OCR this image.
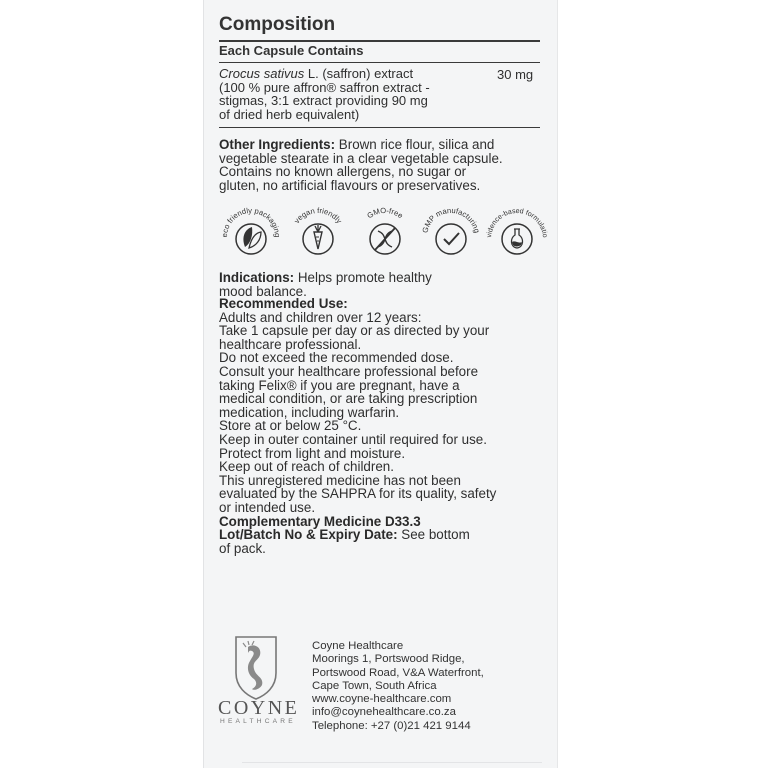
Composition
Each Capsule Contains
Crocus sativus L. (saffron) extract
(100 % pure affron® saffron extract -
stigmas, 3:1 extract providing 90 mg
of dried herb equivalent)
30 mg
Other Ingredients: Brown rice flour, silica and
vegetable stearate in a clear vegetable capsule.
Contains no known allergens, no sugar or
gluten, no artificial flavours or preservatives.
eco friendly packaging
vegan friendly
GMO-free
GMP manufacturing
vidence-based formulatio
Indications: Helps promote healthy
mood balance.
Recommended Use:
Adults and children over 12 years:
Take 1 capsule per day or as directed by your
healthcare professional.
Do not exceed the recommended dose.
Consult your healthcare professional before
taking Felix® if you are pregnant, have a
medical condition, or are taking prescription
medication, including warfarin.
Store at or below 25 °C.
Keep in outer container until required for use.
Protect from light and moisture.
Keep out of reach of children.
This unregistered medicine has not been
evaluated by the SAHPRA for its quality, safety
or intended use.
Complementary Medicine D33.3
Lot/Batch No & Expiry Date: See bottom
of pack.
COYNE
HEALTHCARE
Coyne Healthcare
Moorings 1, Portswood Ridge,
Portswood Road, V&A Waterfront,
Cape Town, South Africa
www.coyne-healthcare.com
info@coynehealthcare.co.za
Telephone: +27 (0)21 421 9144
